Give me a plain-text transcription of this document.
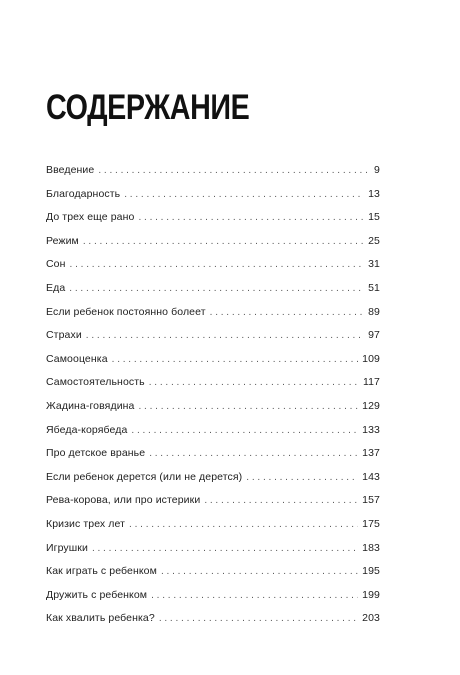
СОДЕРЖАНИЕ
Введение . . .	9
Благодарность . . .	13
До трех еще рано . . .	15
Режим . . .	25
Сон . . .	31
Еда . . .	51
Если ребенок постоянно болеет . . .	89
Страхи . . .	97
Самооценка . . .	109
Самостоятельность . . .	117
Жадина-говядина . . .	129
Ябеда-корябеда . . .	133
Про детское вранье . . .	137
Если ребенок дерется (или не дерется) . . .	143
Рева-корова, или про истерики . . .	157
Кризис трех лет . . .	175
Игрушки . . .	183
Как играть с ребенком . . .	195
Дружить с ребенком . . .	199
Как хвалить ребенка? . . .	203
